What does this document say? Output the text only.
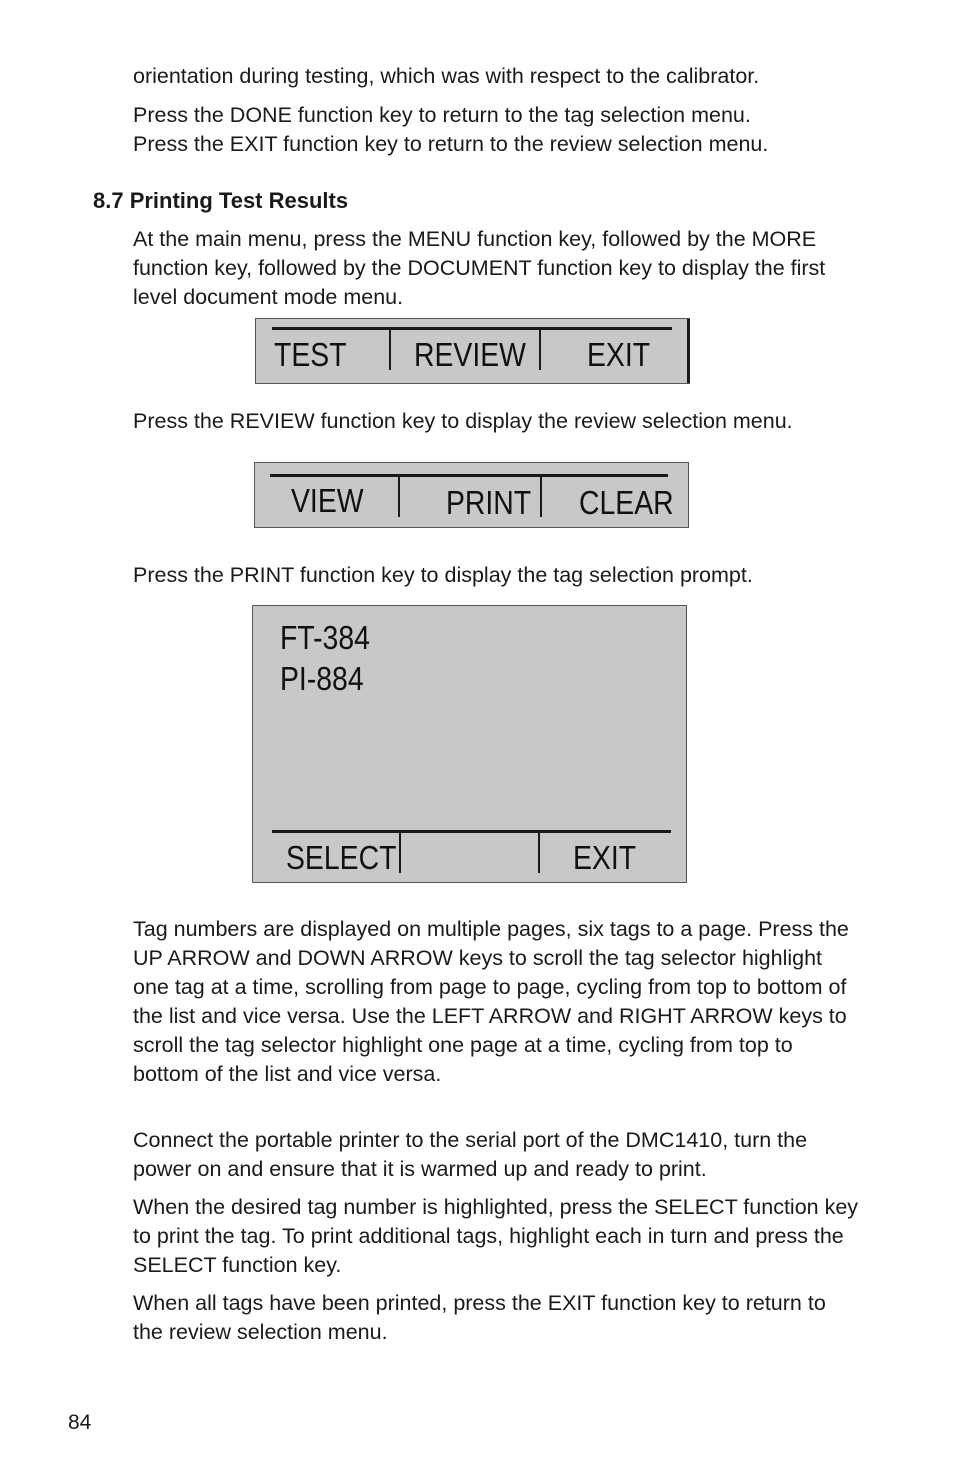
orientation during testing, which was with respect to the calibrator.

Press the DONE function key to return to the tag selection menu.

Press the EXIT function key to return to the review selection menu.

8.7 Printing Test Results

At the main menu, press the MENU function key, followed by the MORE function key, followed by the DOCUMENT function key to display the first level document mode menu.

TEST REVIEW EXIT

Press the REVIEW function key to display the review selection menu.

VIEW PRINT CLEAR

Press the PRINT function key to display the tag selection prompt.

FT-384
PI-884
SELECT	EXIT

Tag numbers are displayed on multiple pages, six tags to a page. Press the UP ARROW and DOWN ARROW keys to scroll the tag selector highlight one tag at a time, scrolling from page to page, cycling from top to bottom of the list and vice versa. Use the LEFT ARROW and RIGHT ARROW keys to scroll the tag selector highlight one page at a time, cycling from top to bottom of the list and vice versa.

Connect the portable printer to the serial port of the DMC1410, turn the power on and ensure that it is warmed up and ready to print.

When the desired tag number is highlighted, press the SELECT function key to print the tag. To print additional tags, highlight each in turn and press the SELECT function key.

When all tags have been printed, press the EXIT function key to return to the review selection menu.

84
